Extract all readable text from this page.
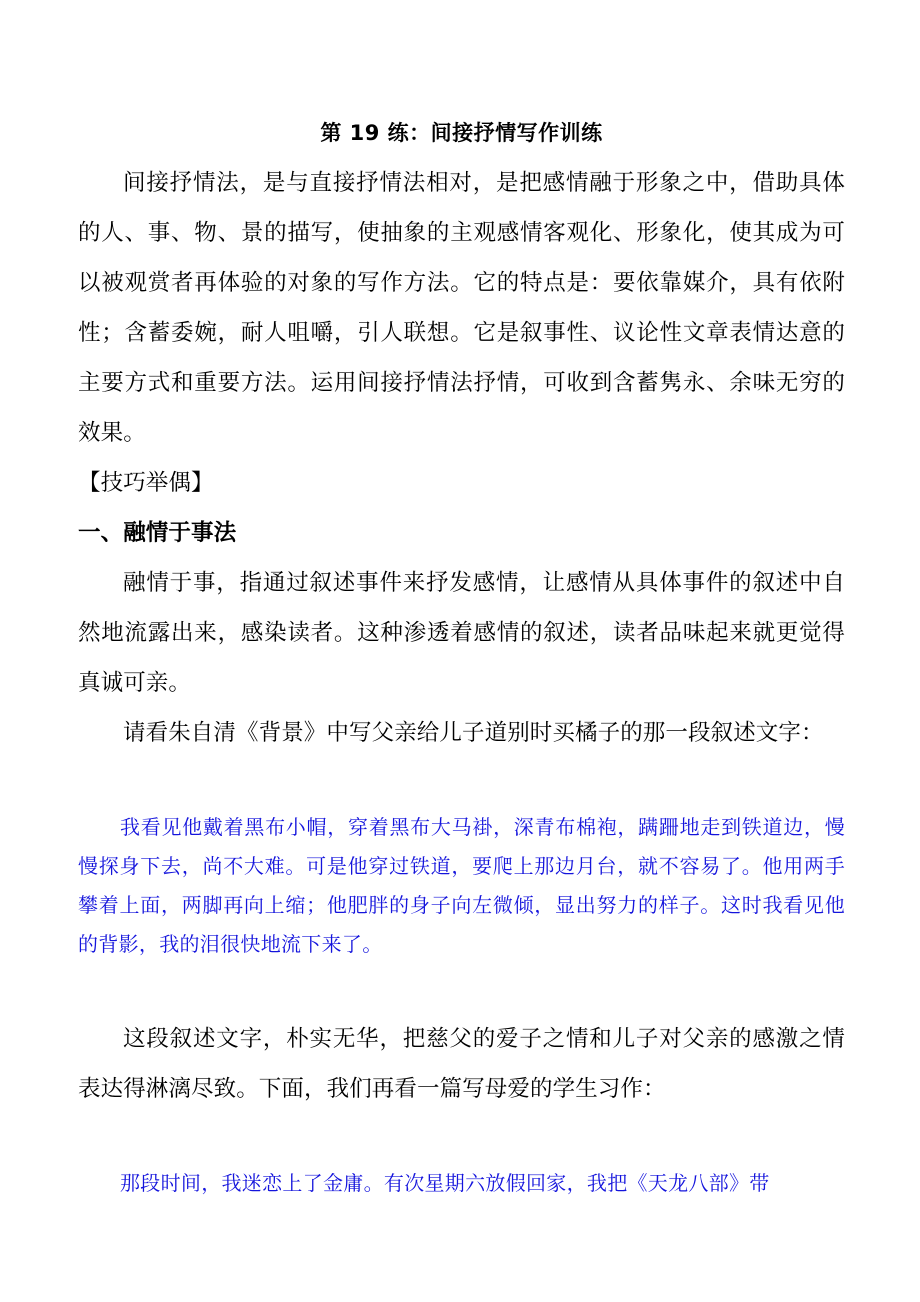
第 19 练：间接抒情写作训练

间接抒情法，是与直接抒情法相对，是把感情融于形象之中，借助具体的人、事、物、景的描写，使抽象的主观感情客观化、形象化，使其成为可以被观赏者再体验的对象的写作方法。它的特点是：要依靠媒介，具有依附性；含蓄委婉，耐人咀嚼，引人联想。它是叙事性、议论性文章表情达意的主要方式和重要方法。运用间接抒情法抒情，可收到含蓄隽永、余味无穷的效果。

【技巧举偶】

一、融情于事法

融情于事，指通过叙述事件来抒发感情，让感情从具体事件的叙述中自然地流露出来，感染读者。这种渗透着感情的叙述，读者品味起来就更觉得真诚可亲。

请看朱自清《背景》中写父亲给儿子道别时买橘子的那一段叙述文字：

我看见他戴着黑布小帽，穿着黑布大马褂，深青布棉袍，蹒跚地走到铁道边，慢慢探身下去，尚不大难。可是他穿过铁道，要爬上那边月台，就不容易了。他用两手攀着上面，两脚再向上缩；他肥胖的身子向左微倾，显出努力的样子。这时我看见他的背影，我的泪很快地流下来了。

这段叙述文字，朴实无华，把慈父的爱子之情和儿子对父亲的感激之情表达得淋漓尽致。下面，我们再看一篇写母爱的学生习作：

那段时间，我迷恋上了金庸。有次星期六放假回家，我把《天龙八部》带
